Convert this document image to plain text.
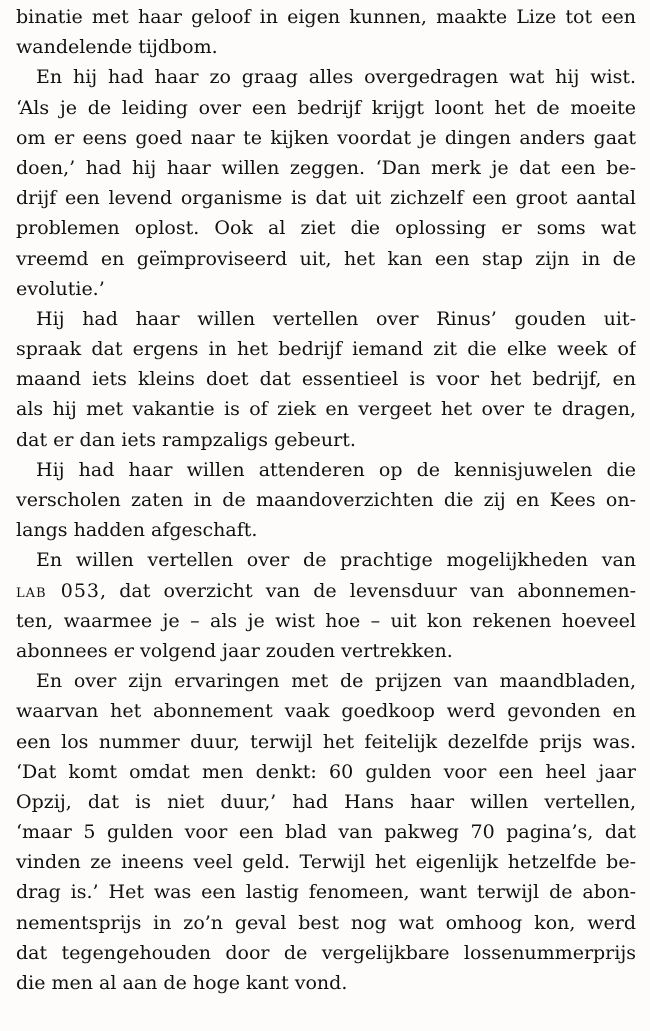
binatie met haar geloof in eigen kunnen, maakte Lize tot een
wandelende tijdbom.
En hij had haar zo graag alles overgedragen wat hij wist.
‘Als je de leiding over een bedrijf krijgt loont het de moeite
om er eens goed naar te kijken voordat je dingen anders gaat
doen,’ had hij haar willen zeggen. ‘Dan merk je dat een be-
drijf een levend organisme is dat uit zichzelf een groot aantal
problemen oplost. Ook al ziet die oplossing er soms wat
vreemd en geïmproviseerd uit, het kan een stap zijn in de
evolutie.’
Hij had haar willen vertellen over Rinus’ gouden uit-
spraak dat ergens in het bedrijf iemand zit die elke week of
maand iets kleins doet dat essentieel is voor het bedrijf, en
als hij met vakantie is of ziek en vergeet het over te dragen,
dat er dan iets rampzaligs gebeurt.
Hij had haar willen attenderen op de kennisjuwelen die
verscholen zaten in de maandoverzichten die zij en Kees on-
langs hadden afgeschaft.
En willen vertellen over de prachtige mogelijkheden van
lab 053, dat overzicht van de levensduur van abonnemen-
ten, waarmee je – als je wist hoe – uit kon rekenen hoeveel
abonnees er volgend jaar zouden vertrekken.
En over zijn ervaringen met de prijzen van maandbladen,
waarvan het abonnement vaak goedkoop werd gevonden en
een los nummer duur, terwijl het feitelijk dezelfde prijs was.
‘Dat komt omdat men denkt: 60 gulden voor een heel jaar
Opzij, dat is niet duur,’ had Hans haar willen vertellen,
‘maar 5 gulden voor een blad van pakweg 70 pagina’s, dat
vinden ze ineens veel geld. Terwijl het eigenlijk hetzelfde be-
drag is.’ Het was een lastig fenomeen, want terwijl de abon-
nementsprijs in zo’n geval best nog wat omhoog kon, werd
dat tegengehouden door de vergelijkbare lossenummerprijs
die men al aan de hoge kant vond.
